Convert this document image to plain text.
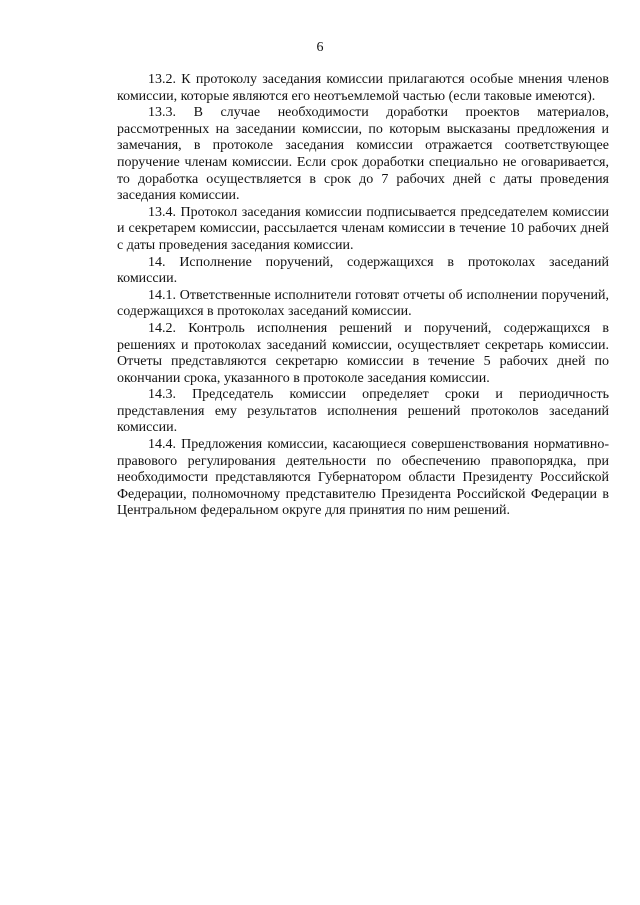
6

13.2. К протоколу заседания комиссии прилагаются особые мнения членов комиссии, которые являются его неотъемлемой частью (если таковые имеются).

13.3. В случае необходимости доработки проектов материалов, рассмотренных на заседании комиссии, по которым высказаны предложения и замечания, в протоколе заседания комиссии отражается соответствующее поручение членам комиссии. Если срок доработки специально не оговаривается, то доработка осуществляется в срок до 7 рабочих дней с даты проведения заседания комиссии.

13.4. Протокол заседания комиссии подписывается председателем комиссии и секретарем комиссии, рассылается членам комиссии в течение 10 рабочих дней с даты проведения заседания комиссии.

14. Исполнение поручений, содержащихся в протоколах заседаний комиссии.

14.1. Ответственные исполнители готовят отчеты об исполнении поручений, содержащихся в протоколах заседаний комиссии.

14.2. Контроль исполнения решений и поручений, содержащихся в решениях и протоколах заседаний комиссии, осуществляет секретарь комиссии. Отчеты представляются секретарю комиссии в течение 5 рабочих дней по окончании срока, указанного в протоколе заседания комиссии.

14.3. Председатель комиссии определяет сроки и периодичность представления ему результатов исполнения решений протоколов заседаний комиссии.

14.4. Предложения комиссии, касающиеся совершенствования нормативно-правового регулирования деятельности по обеспечению правопорядка, при необходимости представляются Губернатором области Президенту Российской Федерации, полномочному представителю Президента Российской Федерации в Центральном федеральном округе для принятия по ним решений.
